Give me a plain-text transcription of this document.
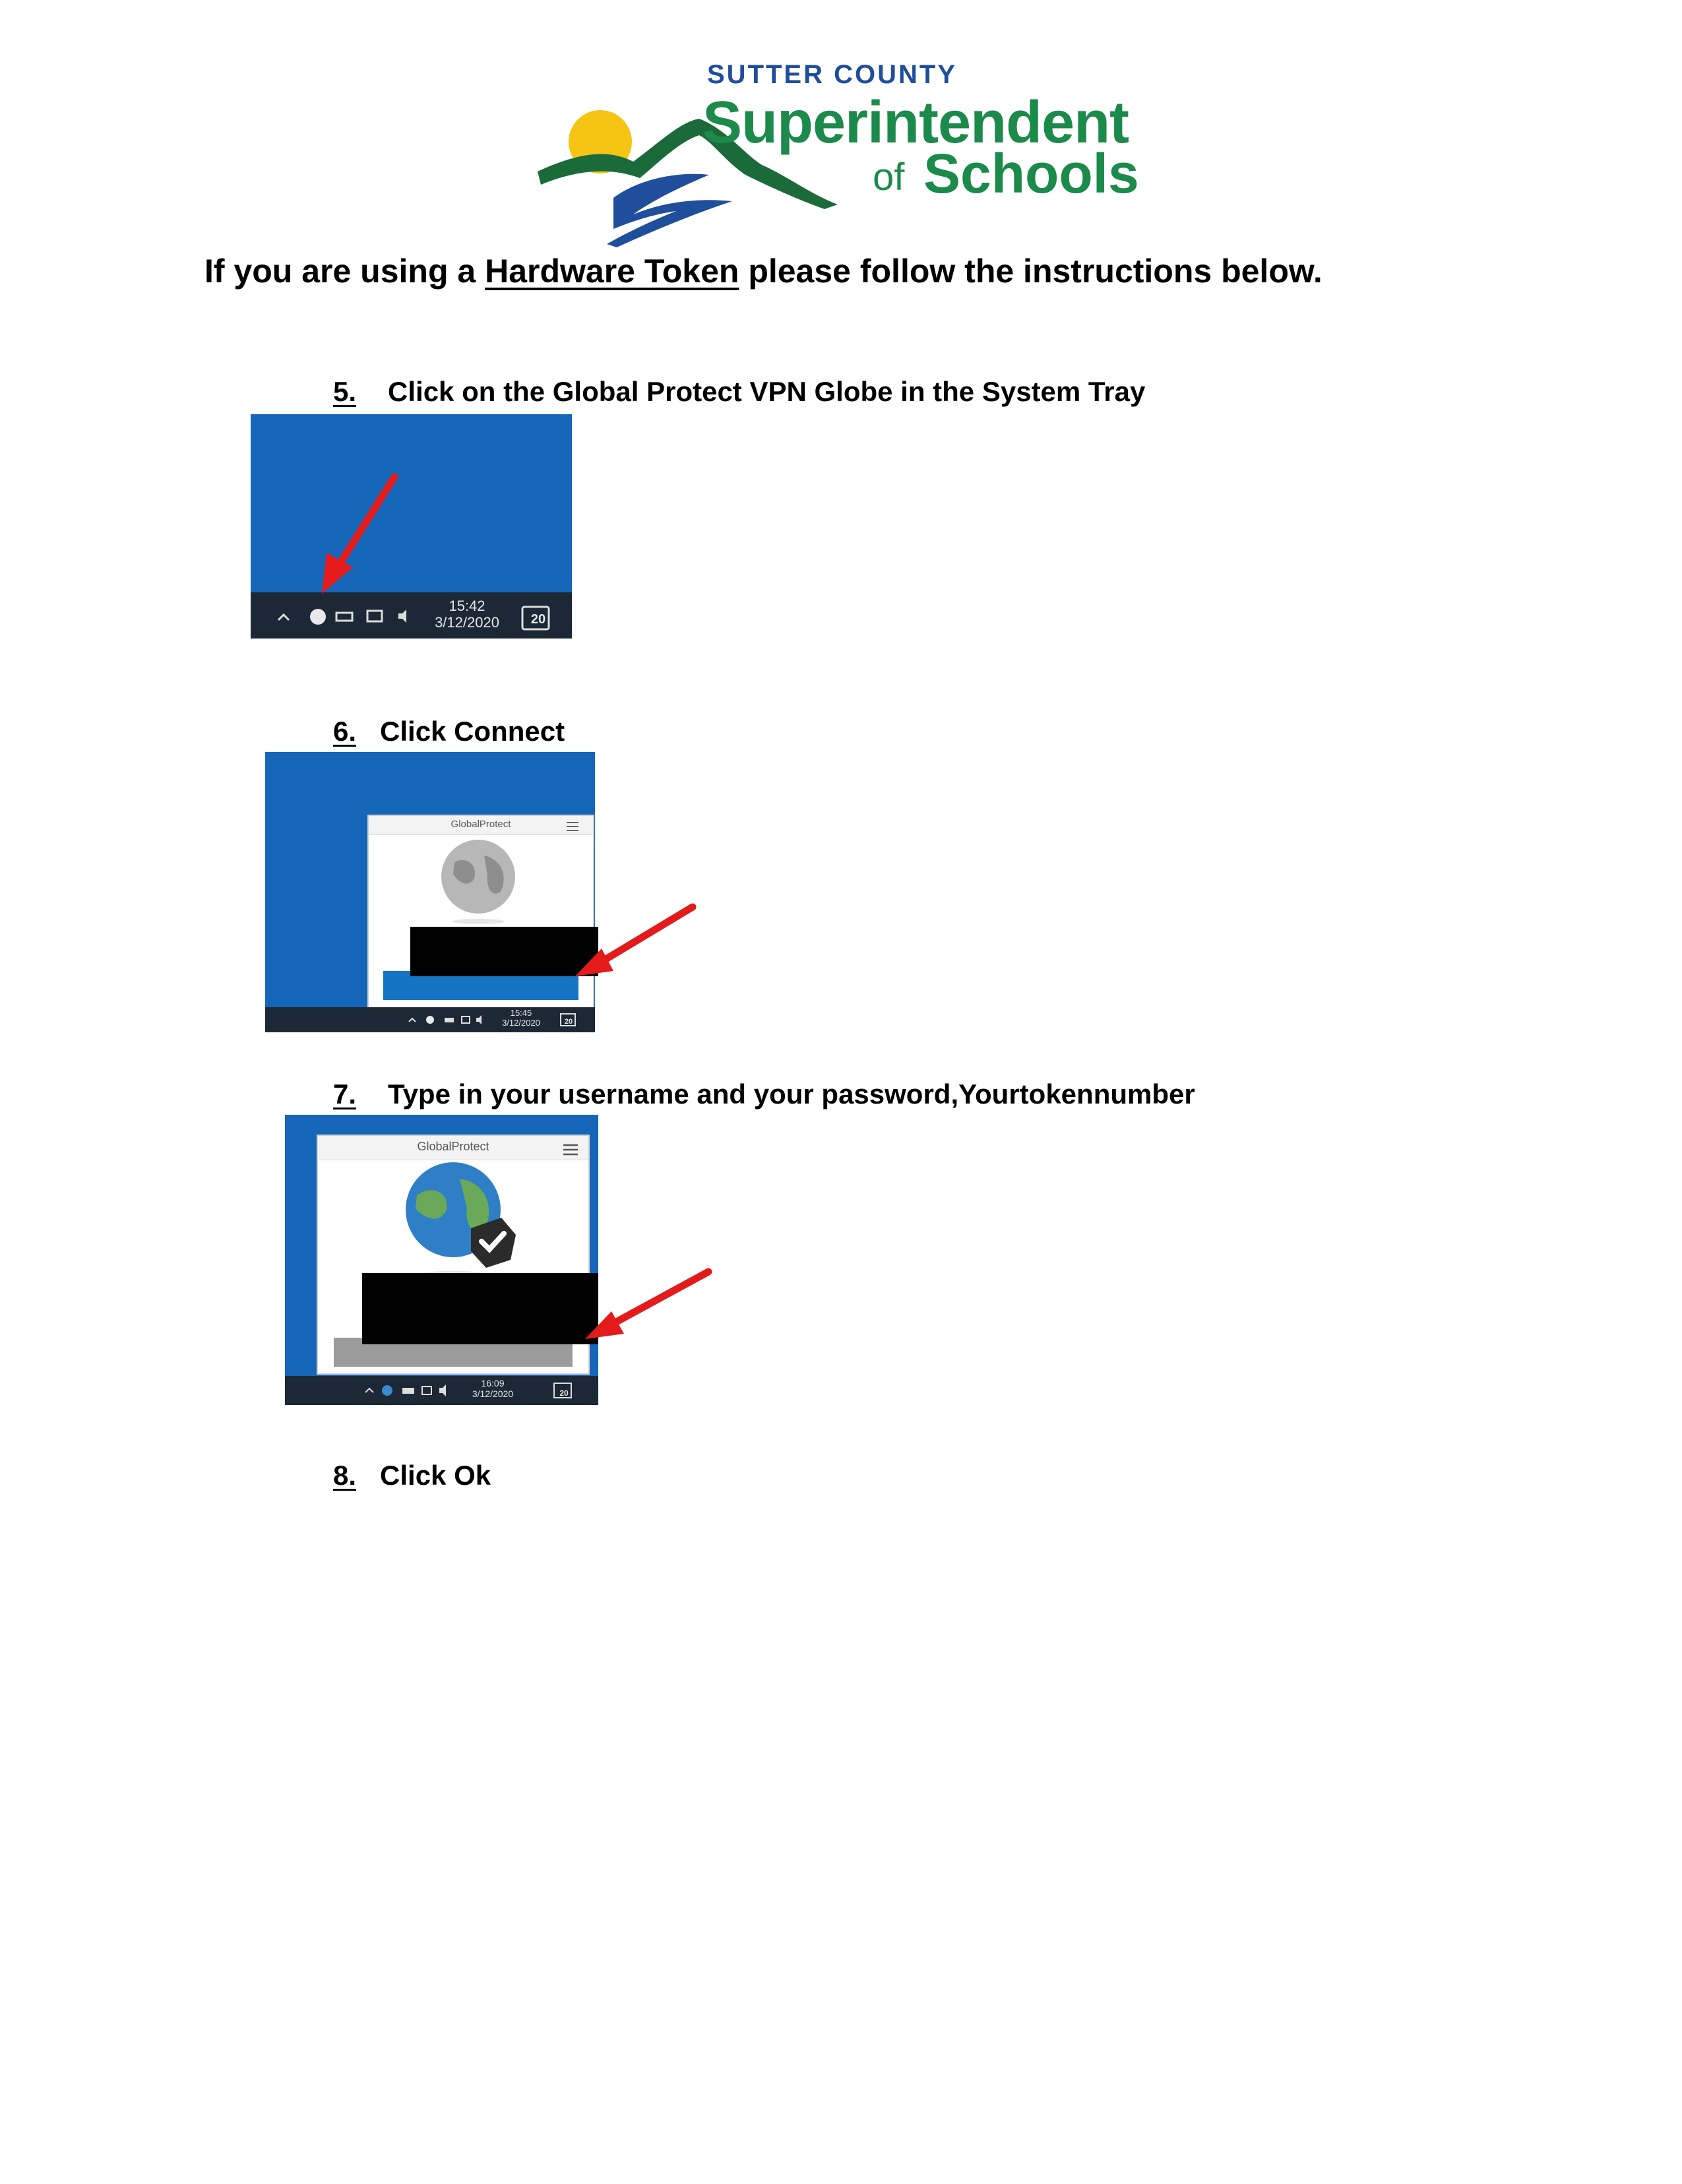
SUTTER COUNTY
Superintendent
of Schools
If you are using a Hardware Token please follow the instructions below.
5. Click on the Global Protect VPN Globe in the System Tray
15:42
3/12/2020	20
6. Click Connect
GlobalProtect
15:45
3/12/2020	20
7. Type in your username and your password,Yourtokennumber
GlobalProtect
16:09
3/12/2020	20
8. Click Ok
